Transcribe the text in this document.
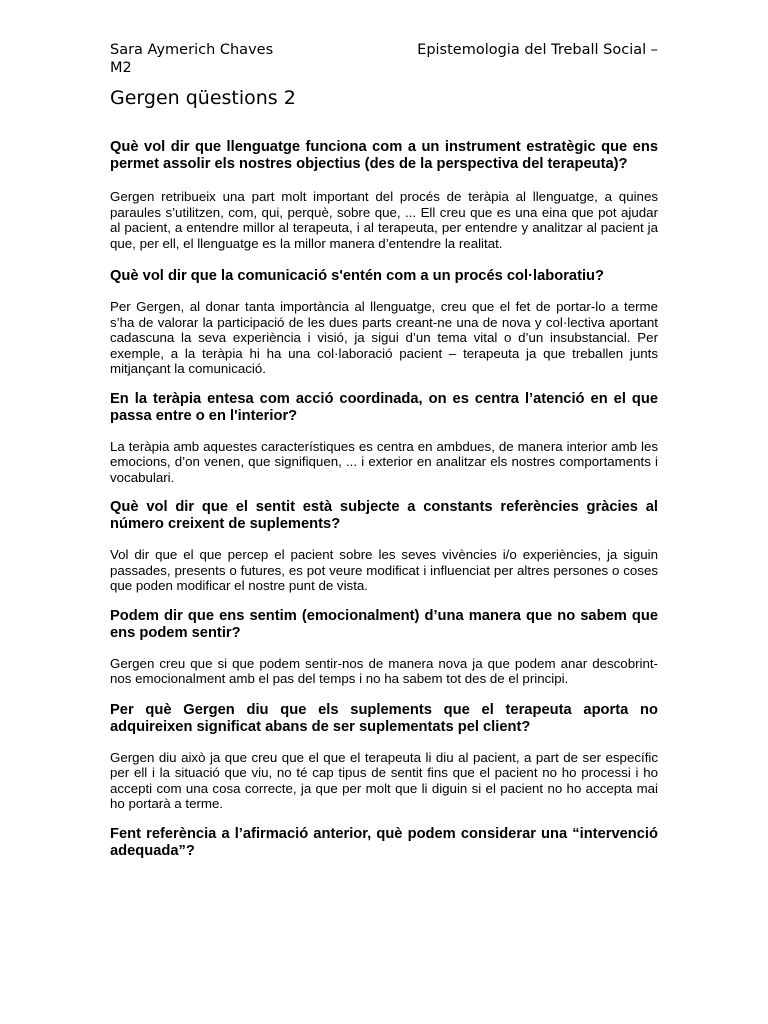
Sara Aymerich Chaves	Epistemologia del Treball Social –
M2
Gergen qüestions 2

Què vol dir que llenguatge funciona com a un instrument estratègic que ens permet assolir els nostres objectius (des de la perspectiva del terapeuta)?

Gergen retribueix una part molt important del procés de teràpia al llenguatge, a quines paraules s’utilitzen, com, qui, perquè, sobre que, ... Ell creu que es una eina que pot ajudar al pacient, a entendre millor al terapeuta, i al terapeuta, per entendre y analitzar al pacient ja que, per ell, el llenguatge es la millor manera d’entendre la realitat.

Què vol dir que la comunicació s'entén com a un procés col·laboratiu?

Per Gergen, al donar tanta importància al llenguatge, creu que el fet de portar-lo a terme s’ha de valorar la participació de les dues parts creant-ne una de nova y col·lectiva aportant cadascuna la seva experiència i visió, ja sigui d’un tema vital o d’un insubstancial. Per exemple, a la teràpia hi ha una col·laboració pacient – terapeuta ja que treballen junts mitjançant la comunicació.

En la teràpia entesa com acció coordinada, on es centra l’atenció en el que passa entre o en l'interior?

La teràpia amb aquestes característiques es centra en ambdues, de manera interior amb les emocions, d’on venen, que signifiquen, ... i exterior en analitzar els nostres comportaments i vocabulari.

Què vol dir que el sentit està subjecte a constants referències gràcies al número creixent de suplements?

Vol dir que el que percep el pacient sobre les seves vivències i/o experiències, ja siguin passades, presents o futures, es pot veure modificat i influenciat per altres persones o coses que poden modificar el nostre punt de vista.

Podem dir que ens sentim (emocionalment) d’una manera que no sabem que ens podem sentir?

Gergen creu que si que podem sentir-nos de manera nova ja que podem anar descobrint-nos emocionalment amb el pas del temps i no ha sabem tot des de el principi.

Per què Gergen diu que els suplements que el terapeuta aporta no adquireixen significat abans de ser suplementats pel client?

Gergen diu això ja que creu que el que el terapeuta li diu al pacient, a part de ser específic per ell i la situació que viu, no té cap tipus de sentit fins que el pacient no ho processi i ho accepti com una cosa correcte, ja que per molt que li diguin si el pacient no ho accepta mai ho portarà a terme.

Fent referència a l’afirmació anterior, què podem considerar una “intervenció adequada”?
